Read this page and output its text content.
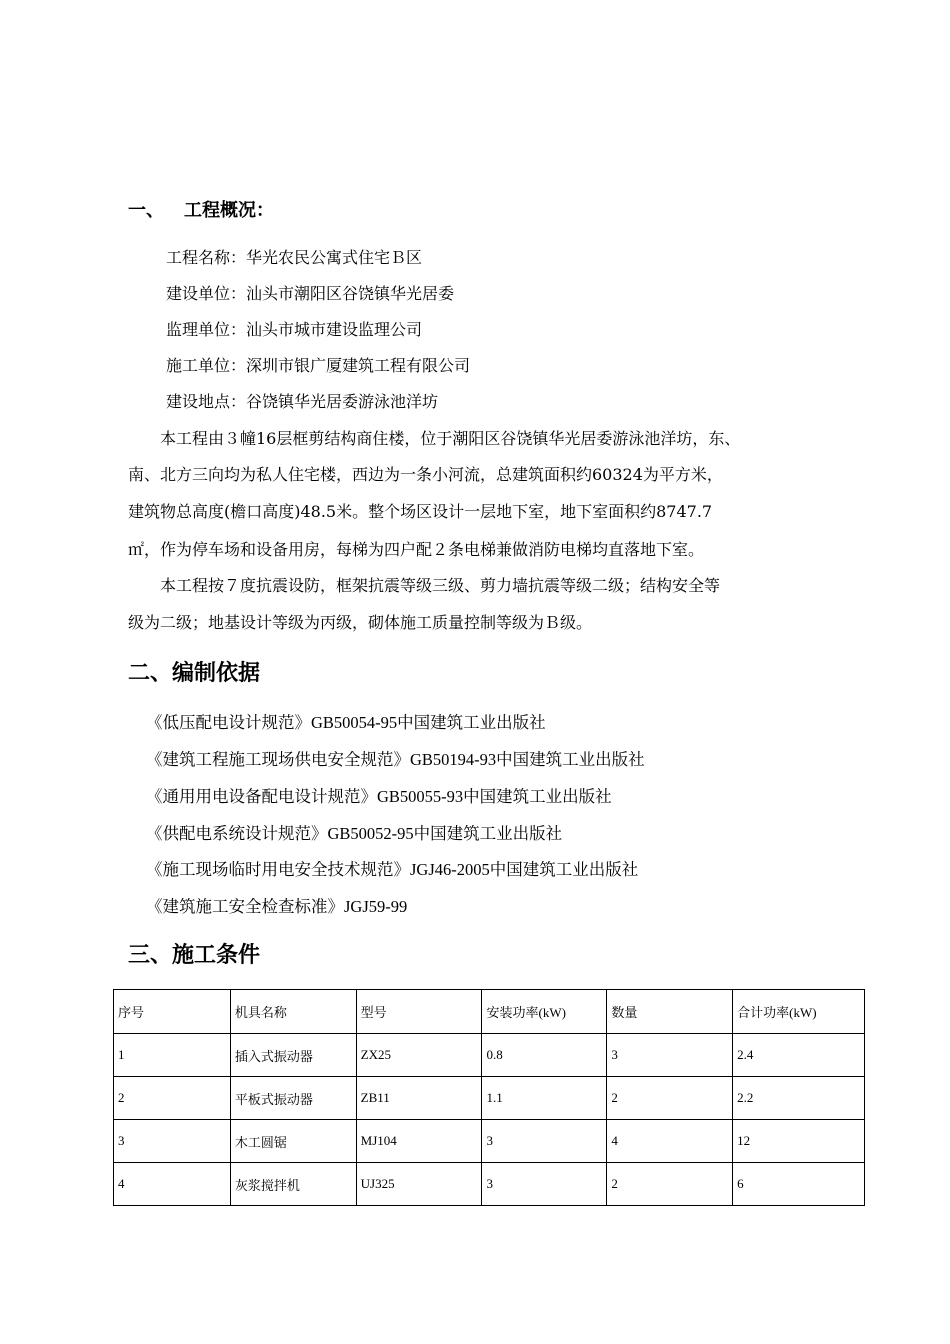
一、 工程概况：
工程名称：华光农民公寓式住宅Ｂ区
建设单位：汕头市潮阳区谷饶镇华光居委
监理单位：汕头市城市建设监理公司
施工单位：深圳市银广厦建筑工程有限公司
建设地点：谷饶镇华光居委游泳池洋坊
　　本工程由３幢16层框剪结构商住楼，位于潮阳区谷饶镇华光居委游泳池洋坊，东、
南、北方三向均为私人住宅楼，西边为一条小河流，总建筑面积约60324为平方米，
建筑物总高度(檐口高度)48.5米。整个场区设计一层地下室，地下室面积约8747.7
㎡，作为停车场和设备用房，每梯为四户配２条电梯兼做消防电梯均直落地下室。
　　本工程按７度抗震设防，框架抗震等级三级、剪力墙抗震等级二级；结构安全等
级为二级；地基设计等级为丙级，砌体施工质量控制等级为Ｂ级。
二、编制依据
《低压配电设计规范》GB50054-95中国建筑工业出版社
《建筑工程施工现场供电安全规范》GB50194-93中国建筑工业出版社
《通用用电设备配电设计规范》GB50055-93中国建筑工业出版社
《供配电系统设计规范》GB50052-95中国建筑工业出版社
《施工现场临时用电安全技术规范》JGJ46-2005中国建筑工业出版社
《建筑施工安全检查标准》JGJ59-99
三、施工条件
序号	机具名称	型号	安装功率(kW)	数量	合计功率(kW)
1	插入式振动器	ZX25	0.8	3	2.4
2	平板式振动器	ZB11	1.1	2	2.2
3	木工圆锯	MJ104	3	4	12
4	灰浆搅拌机	UJ325	3	2	6
